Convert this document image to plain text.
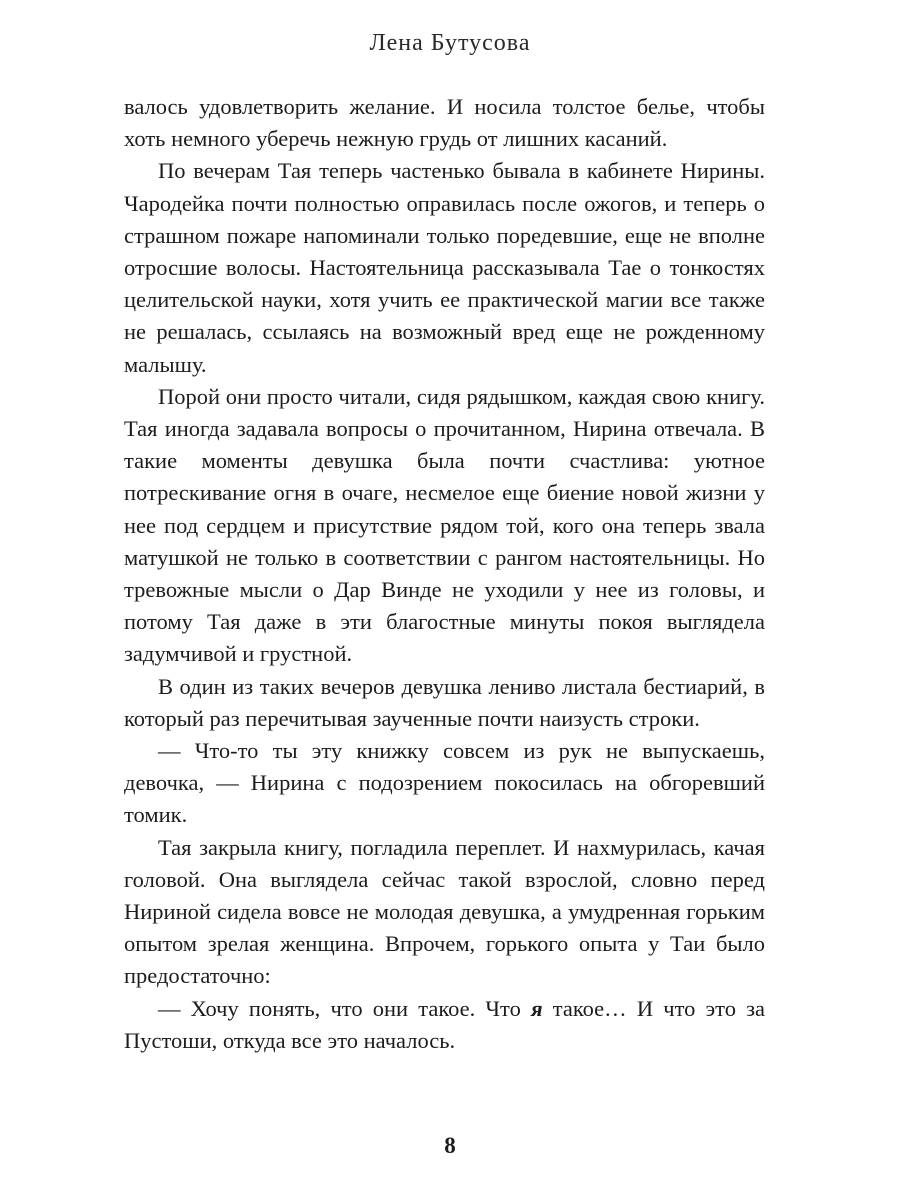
Лена Бутусова

валось удовлетворить желание. И носила толстое белье, чтобы хоть немного уберечь нежную грудь от лишних касаний.

По вечерам Тая теперь частенько бывала в кабинете Нирины. Чародейка почти полностью оправилась после ожогов, и теперь о страшном пожаре напоминали только поредевшие, еще не вполне отросшие волосы. Настоятельница рассказывала Тае о тонкостях целительской науки, хотя учить ее практической магии все также не решалась, ссылаясь на возможный вред еще не рожденному малышу.

Порой они просто читали, сидя рядышком, каждая свою книгу. Тая иногда задавала вопросы о прочитанном, Нирина отвечала. В такие моменты девушка была почти счастлива: уютное потрескивание огня в очаге, несмелое еще биение новой жизни у нее под сердцем и присутствие рядом той, кого она теперь звала матушкой не только в соответствии с рангом настоятельницы. Но тревожные мысли о Дар Винде не уходили у нее из головы, и потому Тая даже в эти благостные минуты покоя выглядела задумчивой и грустной.

В один из таких вечеров девушка лениво листала бестиарий, в который раз перечитывая заученные почти наизусть строки.

— Что-то ты эту книжку совсем из рук не выпускаешь, девочка, — Нирина с подозрением покосилась на обгоревший томик.

Тая закрыла книгу, погладила переплет. И нахмурилась, качая головой. Она выглядела сейчас такой взрослой, словно перед Нириной сидела вовсе не молодая девушка, а умудренная горьким опытом зрелая женщина. Впрочем, горького опыта у Таи было предостаточно:

— Хочу понять, что они такое. Что я такое… И что это за Пустоши, откуда все это началось.

8
